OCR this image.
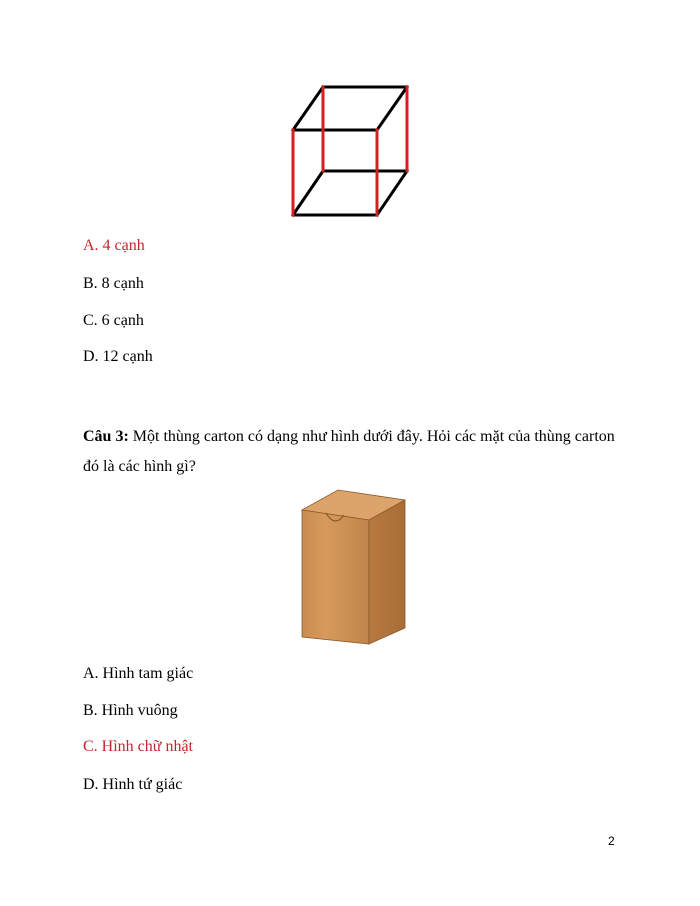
A. 4 cạnh
B. 8 cạnh
C. 6 cạnh
D. 12 cạnh
Câu 3: Một thùng carton có dạng như hình dưới đây. Hỏi các mặt của thùng carton đó là các hình gì?
A. Hình tam giác
B. Hình vuông
C. Hình chữ nhật
D. Hình tứ giác
2
